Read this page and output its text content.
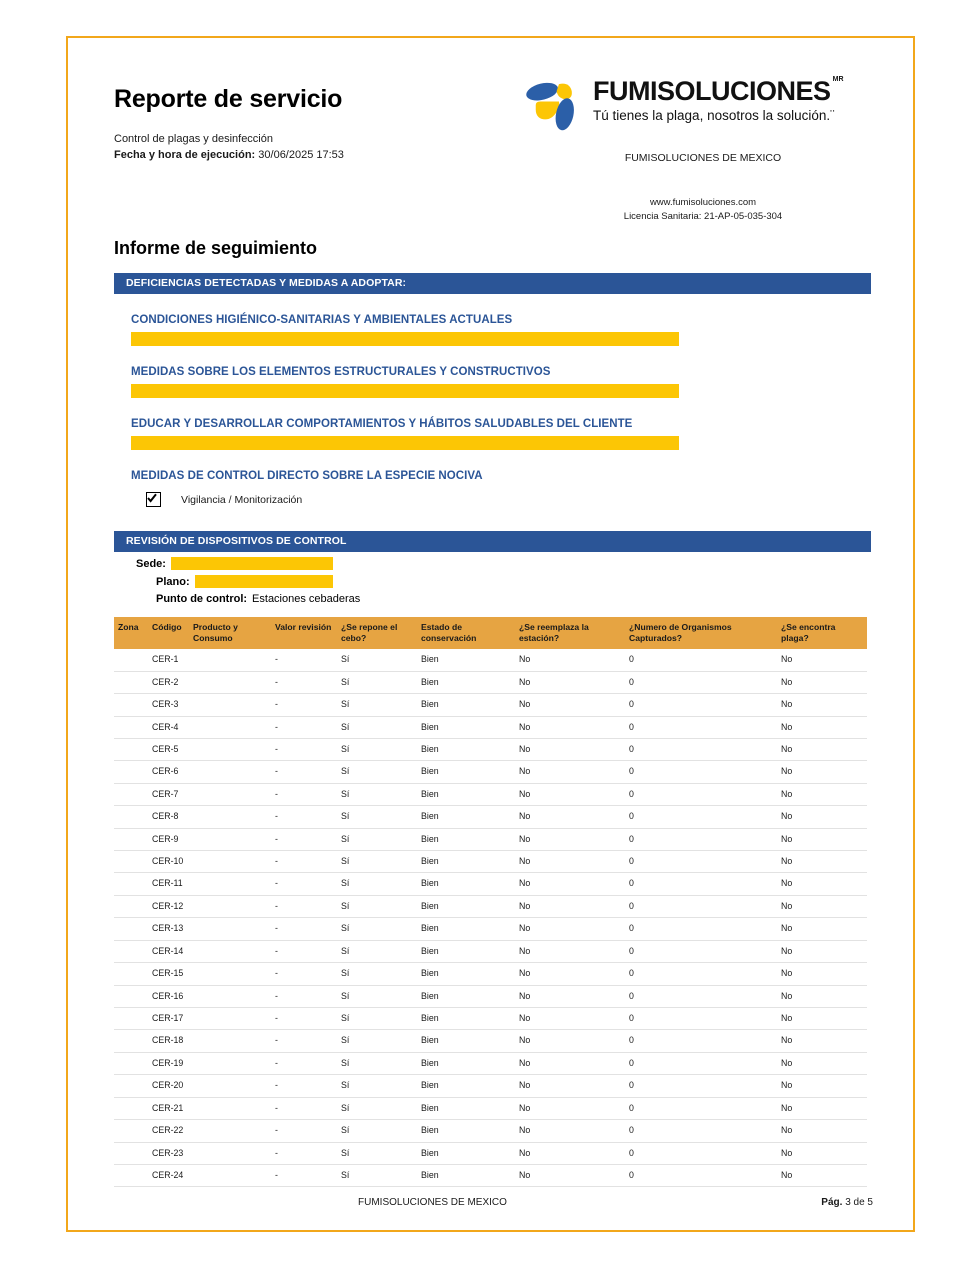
Reporte de servicio
Control de plagas y desinfección
Fecha y hora de ejecución: 30/06/2025 17:53
FUMISOLUCIONES MR
Tú tienes la plaga, nosotros la solución.¨
FUMISOLUCIONES DE MEXICO
www.fumisoluciones.com
Licencia Sanitaria: 21-AP-05-035-304
Informe de seguimiento
DEFICIENCIAS DETECTADAS Y MEDIDAS A ADOPTAR:
CONDICIONES HIGIÉNICO-SANITARIAS Y AMBIENTALES ACTUALES
MEDIDAS SOBRE LOS ELEMENTOS ESTRUCTURALES Y CONSTRUCTIVOS
EDUCAR Y DESARROLLAR COMPORTAMIENTOS Y HÁBITOS SALUDABLES DEL CLIENTE
MEDIDAS DE CONTROL DIRECTO SOBRE LA ESPECIE NOCIVA
Vigilancia / Monitorización
REVISIÓN DE DISPOSITIVOS DE CONTROL
Sede:
Plano:
Punto de control: Estaciones cebaderas
Zona	Código	Producto y Consumo	Valor revisión	¿Se repone el cebo?	Estado de conservación	¿Se reemplaza la estación?	¿Numero de Organismos Capturados?	¿Se encontra plaga?
	CER-1		-	Sí	Bien	No	0	No
	CER-2		-	Sí	Bien	No	0	No
	CER-3		-	Sí	Bien	No	0	No
	CER-4		-	Sí	Bien	No	0	No
	CER-5		-	Sí	Bien	No	0	No
	CER-6		-	Sí	Bien	No	0	No
	CER-7		-	Sí	Bien	No	0	No
	CER-8		-	Sí	Bien	No	0	No
	CER-9		-	Sí	Bien	No	0	No
	CER-10		-	Sí	Bien	No	0	No
	CER-11		-	Sí	Bien	No	0	No
	CER-12		-	Sí	Bien	No	0	No
	CER-13		-	Sí	Bien	No	0	No
	CER-14		-	Sí	Bien	No	0	No
	CER-15		-	Sí	Bien	No	0	No
	CER-16		-	Sí	Bien	No	0	No
	CER-17		-	Sí	Bien	No	0	No
	CER-18		-	Sí	Bien	No	0	No
	CER-19		-	Sí	Bien	No	0	No
	CER-20		-	Sí	Bien	No	0	No
	CER-21		-	Sí	Bien	No	0	No
	CER-22		-	Sí	Bien	No	0	No
	CER-23		-	Sí	Bien	No	0	No
	CER-24		-	Sí	Bien	No	0	No
FUMISOLUCIONES DE MEXICO	Pág. 3 de 5
